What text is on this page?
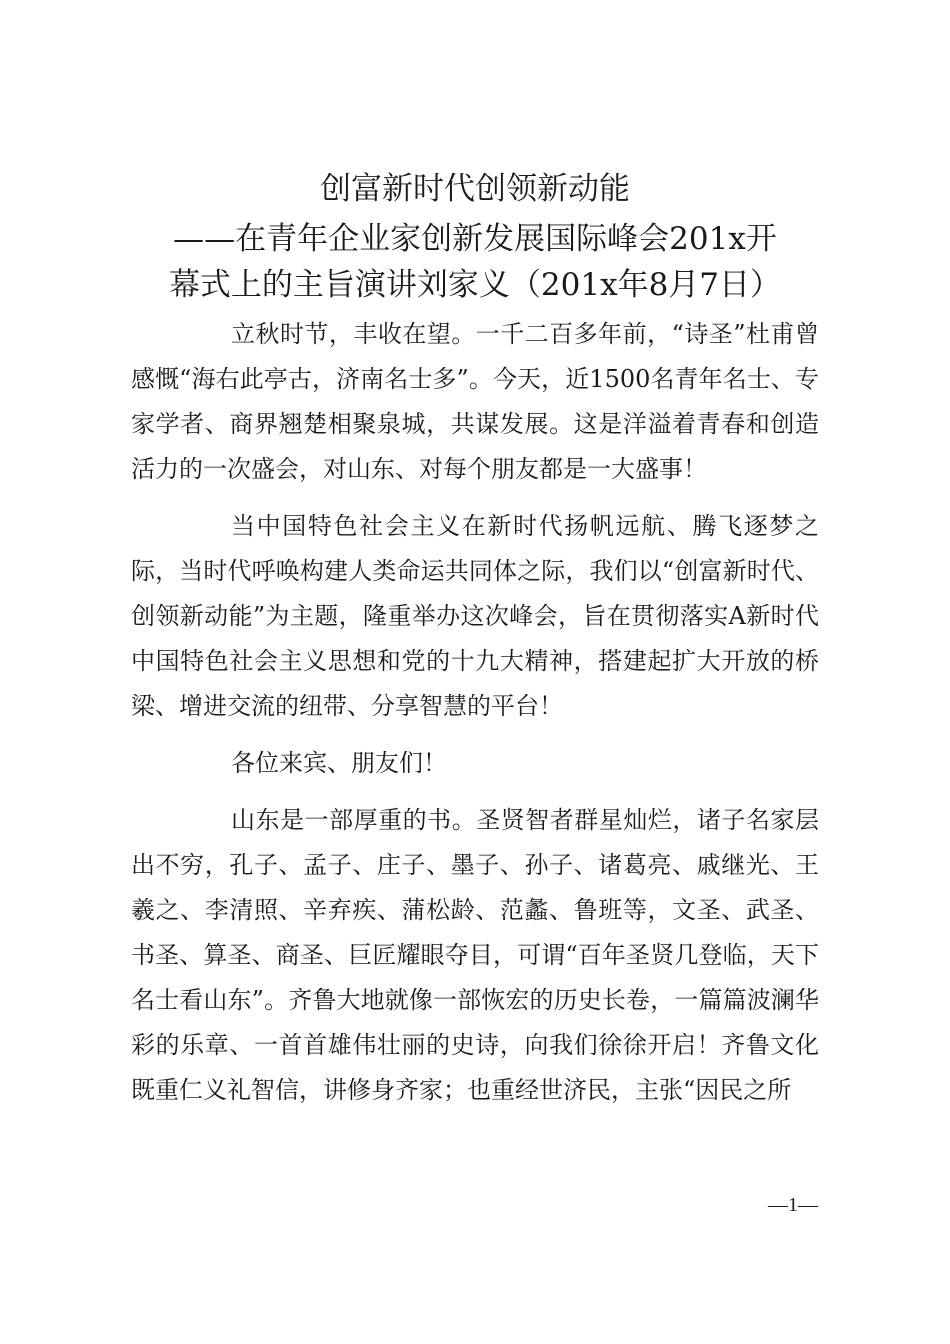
创富新时代创领新动能
——在青年企业家创新发展国际峰会201x开
幕式上的主旨演讲刘家义（201x年8月7日）

立秋时节，丰收在望。一千二百多年前，“诗圣”杜甫曾感慨“海右此亭古，济南名士多”。今天，近1500名青年名士、专家学者、商界翘楚相聚泉城，共谋发展。这是洋溢着青春和创造活力的一次盛会，对山东、对每个朋友都是一大盛事！

当中国特色社会主义在新时代扬帆远航、腾飞逐梦之际，当时代呼唤构建人类命运共同体之际，我们以“创富新时代、创领新动能”为主题，隆重举办这次峰会，旨在贯彻落实A新时代中国特色社会主义思想和党的十九大精神，搭建起扩大开放的桥梁、增进交流的纽带、分享智慧的平台！

各位来宾、朋友们！

山东是一部厚重的书。圣贤智者群星灿烂，诸子名家层出不穷，孔子、孟子、庄子、墨子、孙子、诸葛亮、戚继光、王羲之、李清照、辛弃疾、蒲松龄、范蠡、鲁班等，文圣、武圣、书圣、算圣、商圣、巨匠耀眼夺目，可谓“百年圣贤几登临，天下名士看山东”。齐鲁大地就像一部恢宏的历史长卷，一篇篇波澜华彩的乐章、一首首雄伟壮丽的史诗，向我们徐徐开启！齐鲁文化既重仁义礼智信，讲修身齐家；也重经世济民，主张“因民之所

—1—
